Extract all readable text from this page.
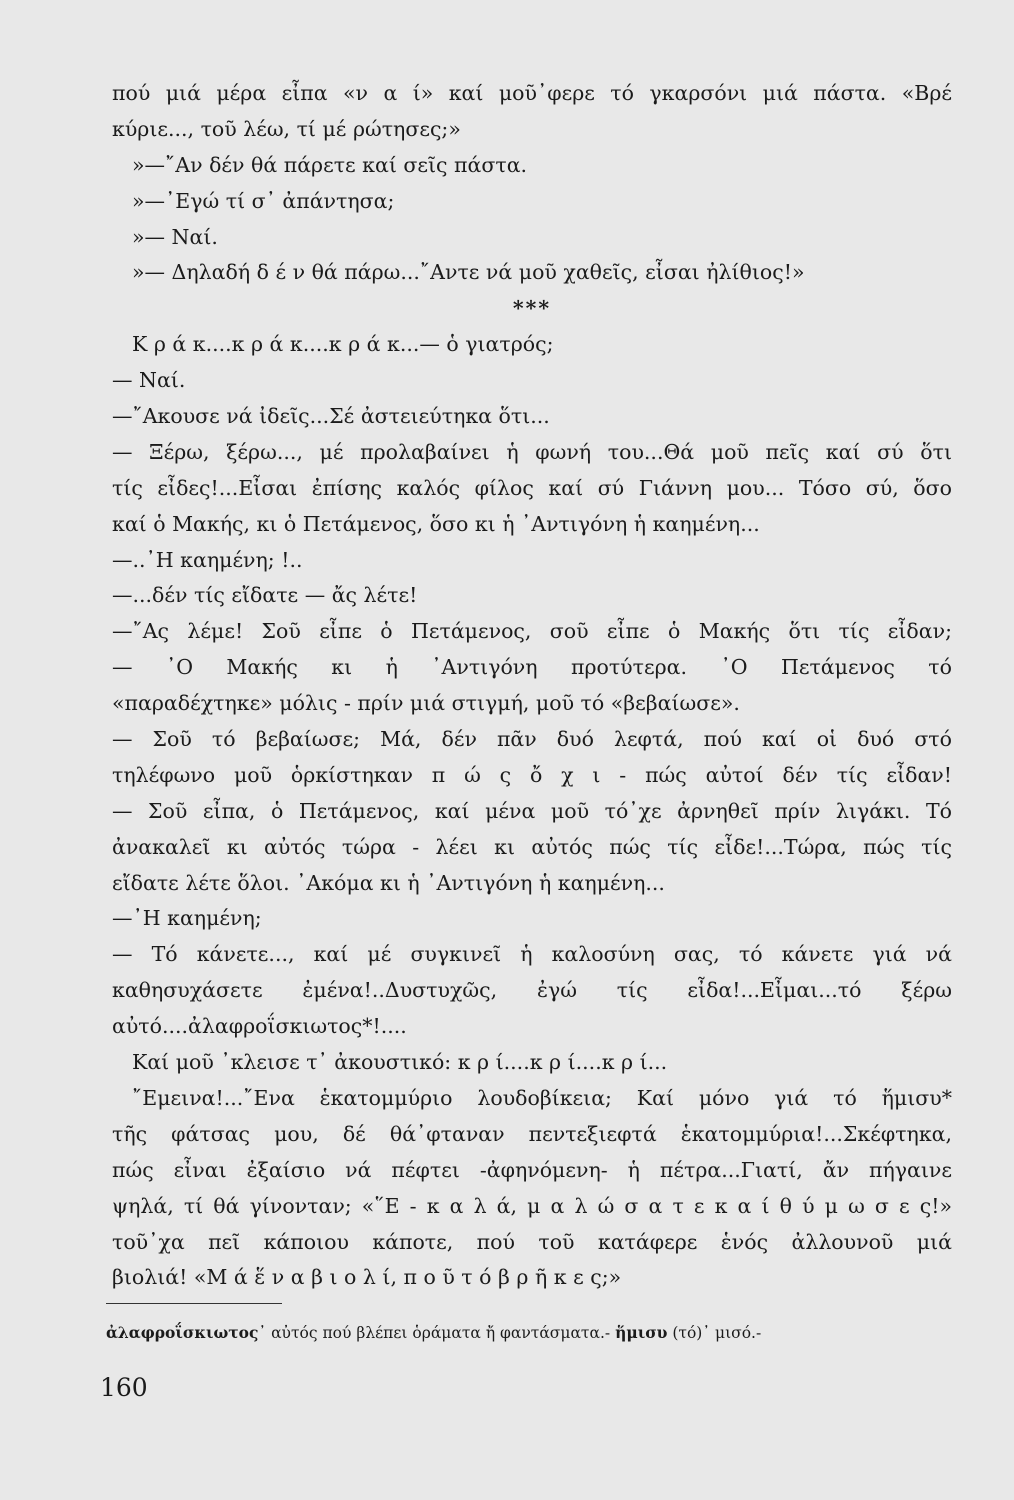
πού μιά μέρα εἶπα «ν α ί» καί μοῦ᾽φερε τό γκαρσόνι μιά πάστα. «Βρέ
κύριε..., τοῦ λέω, τί μέ ρώτησες;»
»—῎Αν δέν θά πάρετε καί σεῖς πάστα.
»—᾽Εγώ τί σ᾽ ἀπάντησα;
»— Ναί.
»— Δηλαδή δ έ ν θά πάρω...῎Αντε νά μοῦ χαθεῖς, εἶσαι ἠλίθιος!»
***
Κ ρ ά κ....κ ρ ά κ....κ ρ ά κ...— ὁ γιατρός;
— Ναί.
—῎Ακουσε νά ἰδεῖς...Σέ ἀστειεύτηκα ὅτι...
— Ξέρω, ξέρω..., μέ προλαβαίνει ἡ φωνή του...Θά μοῦ πεῖς καί σύ ὅτι
τίς εἶδες!...Εἶσαι ἐπίσης καλός φίλος καί σύ Γιάννη μου... Τόσο σύ, ὅσο
καί ὁ Μακής, κι ὁ Πετάμενος, ὅσο κι ἡ ᾽Αντιγόνη ἡ καημένη...
—..᾽Η καημένη; !..
—...δέν τίς εἴδατε — ἄς λέτε!
—῎Ας λέμε! Σοῦ εἶπε ὁ Πετάμενος, σοῦ εἶπε ὁ Μακής ὅτι τίς εἶδαν;
— ᾽Ο Μακής κι ἡ ᾽Αντιγόνη προτύτερα. ᾽Ο Πετάμενος τό
«παραδέχτηκε» μόλις - πρίν μιά στιγμή, μοῦ τό «βεβαίωσε».
— Σοῦ τό βεβαίωσε; Μά, δέν πᾶν δυό λεφτά, πού καί οἱ δυό στό
τηλέφωνο μοῦ ὁρκίστηκαν π ώ ς ὄ χ ι - πώς αὐτοί δέν τίς εἶδαν!
— Σοῦ εἶπα, ὁ Πετάμενος, καί μένα μοῦ τό᾽χε ἀρνηθεῖ πρίν λιγάκι. Τό
ἀνακαλεῖ κι αὐτός τώρα - λέει κι αὐτός πώς τίς εἶδε!...Τώρα, πώς τίς
εἴδατε λέτε ὅλοι. ᾽Ακόμα κι ἡ ᾽Αντιγόνη ἡ καημένη...
—᾽Η καημένη;
— Τό κάνετε..., καί μέ συγκινεῖ ἡ καλοσύνη σας, τό κάνετε γιά νά
καθησυχάσετε ἐμένα!..Δυστυχῶς, ἐγώ τίς εἶδα!...Εἶμαι...τό ξέρω
αὐτό....ἀλαφροΐσκιωτος*!....
Καί μοῦ ᾽κλεισε τ᾽ ἀκουστικό: κ ρ ί....κ ρ ί....κ ρ ί...
῎Εμεινα!...῎Ενα ἑκατομμύριο λουδοβίκεια; Καί μόνο γιά τό ἥμισυ*
τῆς φάτσας μου, δέ θά᾽φταναν πεντεξιεφτά ἑκατομμύρια!...Σκέφτηκα,
πώς εἶναι ἐξαίσιο νά πέφτει -ἀφηνόμενη- ἡ πέτρα...Γιατί, ἄν πήγαινε
ψηλά, τί θά γίνονταν; «῞Ε - κ α λ ά, μ α λ ώ σ α τ ε κ α ί θ ύ μ ω σ ε ς!»
τοῦ᾽χα πεῖ κάποιου κάποτε, πού τοῦ κατάφερε ἑνός ἀλλουνοῦ μιά
βιολιά! «Μ ά ἕ ν α β ι ο λ ί, π ο ῦ τ ό β ρ ῆ κ ε ς;»
ἀλαφροΐσκιωτος᾽ αὐτός πού βλέπει ὁράματα ἤ φαντάσματα.- ἥμισυ (τό)᾽ μισό.-
160
